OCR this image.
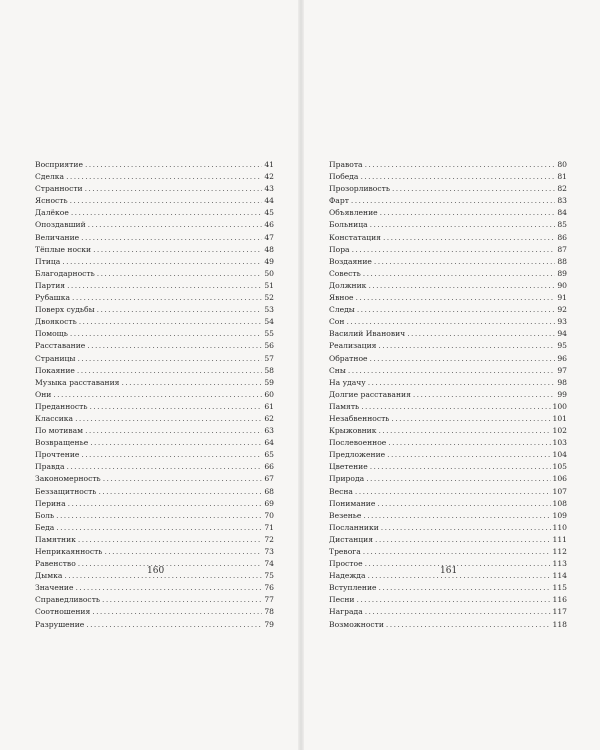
Восприятие . . .	41
Сделка . . .	42
Странности . . .	43
Ясность . . .	44
Далёкое . . .	45
Опоздавший . . .	46
Величание . . .	47
Тёплые носки . . .	48
Птица . . .	49
Благодарность . . .	50
Партия . . .	51
Рубашка . . .	52
Поверх судьбы . . .	53
Двоякость . . .	54
Помощь . . .	55
Расставание . . .	56
Страницы . . .	57
Покаяние . . .	58
Музыка расставания . . .	59
Они . . .	60
Преданность . . .	61
Классика . . .	62
По мотивам . . .	63
Возвращенье . . .	64
Прочтение . . .	65
Правда . . .	66
Закономерность . . .	67
Беззащитность . . .	68
Перина . . .	69
Боль . . .	70
Беда . . .	71
Памятник . . .	72
Неприкаянность . . .	73
Равенство . . .	74
Дымка . . .	75
Значение . . .	76
Справедливость . . .	77
Соотношения . . .	78
Разрушение . . .	79
Правота . . .	80
Победа . . .	81
Прозорливость . . .	82
Фарт . . .	83
Объявление . . .	84
Больница . . .	85
Констатация . . .	86
Пора . . .	87
Воздаяние . . .	88
Совесть . . .	89
Должник . . .	90
Явное . . .	91
Следы . . .	92
Сон . . .	93
Василий Иванович . . .	94
Реализация . . .	95
Обратное . . .	96
Сны . . .	97
На удачу . . .	98
Долгие расставания . . .	99
Память . . .	100
Незабвенность . . .	101
Крыжовник . . .	102
Послевоенное . . .	103
Предложение . . .	104
Цветение . . .	105
Природа . . .	106
Весна . . .	107
Понимание . . .	108
Везенье . . .	109
Посланники . . .	110
Дистанция . . .	111
Тревога . . .	112
Простое . . .	113
Надежда . . .	114
Вступление . . .	115
Песни . . .	116
Награда . . .	117
Возможности . . .	118
160	161
